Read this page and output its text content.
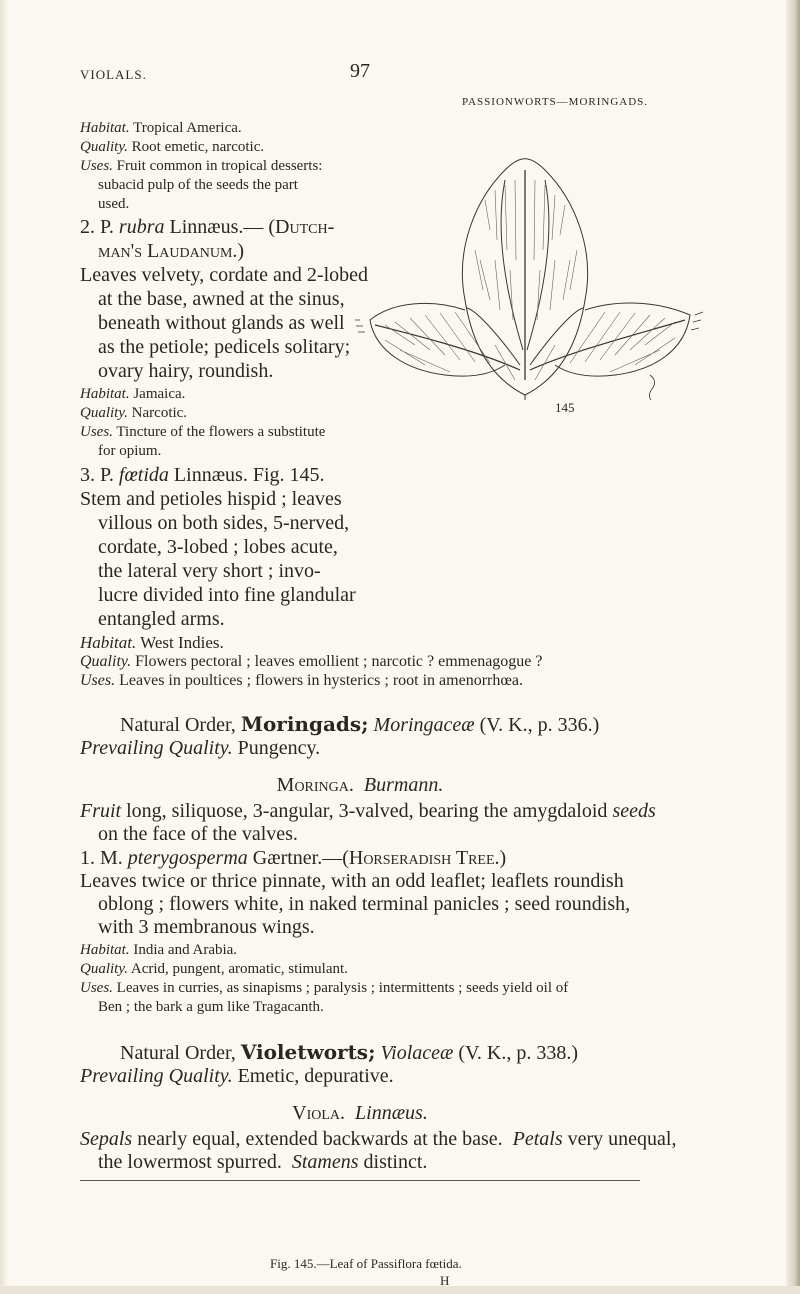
VIOLALS.	97
PASSIONWORTS—MORINGADS.
Habitat. Tropical America.
Quality. Root emetic, narcotic.
Uses. Fruit common in tropical desserts:
subacid pulp of the seeds the part
used.
2. P. rubra Linnæus.— (Dutch-
man's Laudanum.)
Leaves velvety, cordate and 2-lobed
at the base, awned at the sinus,
beneath without glands as well
as the petiole; pedicels solitary;
ovary hairy, roundish.
Habitat. Jamaica.
Quality. Narcotic.
Uses. Tincture of the flowers a substitute
for opium.
3. P. fœtida Linnæus. Fig. 145.
Stem and petioles hispid ; leaves
villous on both sides, 5-nerved,
cordate, 3-lobed ; lobes acute,
the lateral very short ; invo-
lucre divided into fine glandular
entangled arms.
Habitat. West Indies.
Quality. Flowers pectoral ; leaves emollient ; narcotic ? emmenagogue ?
Uses. Leaves in poultices ; flowers in hysterics ; root in amenorrhœa.
145
Natural Order, Moringads; Moringaceæ (V. K., p. 336.)
Prevailing Quality. Pungency.
Moringa. Burmann.
Fruit long, siliquose, 3-angular, 3-valved, bearing the amygdaloid seeds
on the face of the valves.
1. M. pterygosperma Gærtner.—(Horseradish Tree.)
Leaves twice or thrice pinnate, with an odd leaflet; leaflets roundish
oblong ; flowers white, in naked terminal panicles ; seed roundish,
with 3 membranous wings.
Habitat. India and Arabia.
Quality. Acrid, pungent, aromatic, stimulant.
Uses. Leaves in curries, as sinapisms ; paralysis ; intermittents ; seeds yield oil of
Ben ; the bark a gum like Tragacanth.
Natural Order, Violetworts; Violaceæ (V. K., p. 338.)
Prevailing Quality. Emetic, depurative.
Viola. Linnæus.
Sepals nearly equal, extended backwards at the base. Petals very unequal,
the lowermost spurred. Stamens distinct.
Fig. 145.—Leaf of Passiflora fœtida.
H
